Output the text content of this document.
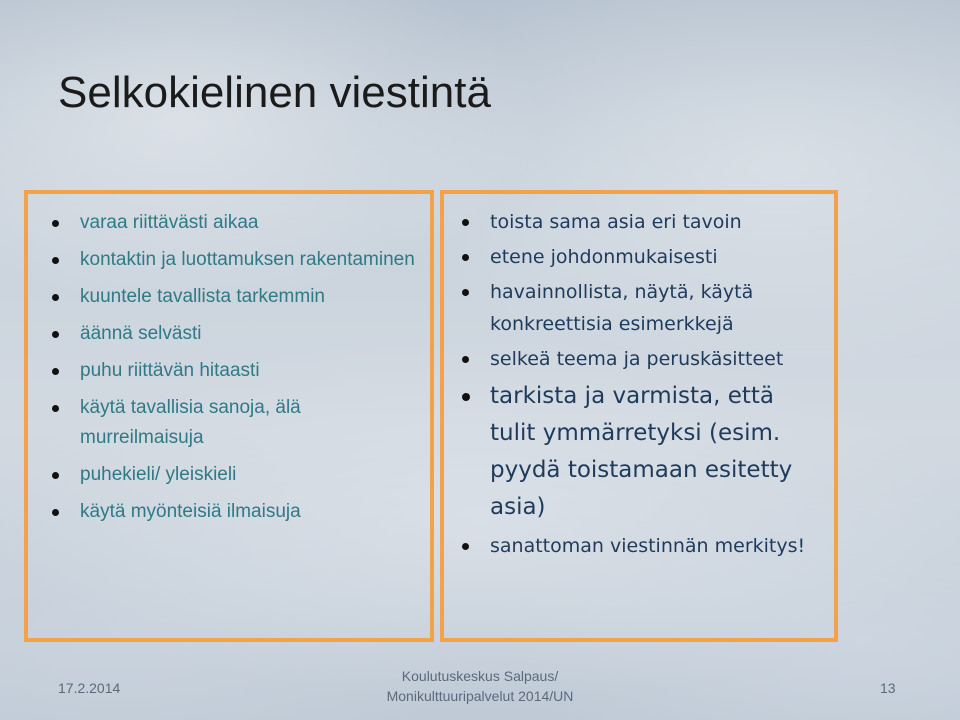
Selkokielinen viestintä
varaa riittävästi aikaa
kontaktin ja luottamuksen rakentaminen
kuuntele tavallista tarkemmin
äännä selvästi
puhu riittävän hitaasti
käytä tavallisia sanoja, älä murreilmaisuja
puhekieli/ yleiskieli
käytä myönteisiä ilmaisuja
toista sama asia eri tavoin
etene johdonmukaisesti
havainnollista, näytä, käytä konkreettisia esimerkkejä
selkeä teema ja peruskäsitteet
tarkista ja varmista, että tulit ymmärretyksi (esim. pyydä toistamaan esitetty asia)
sanattoman viestinnän merkitys!
17.2.2014
Koulutuskeskus Salpaus/
Monikulttuuripalvelut 2014/UN	13
